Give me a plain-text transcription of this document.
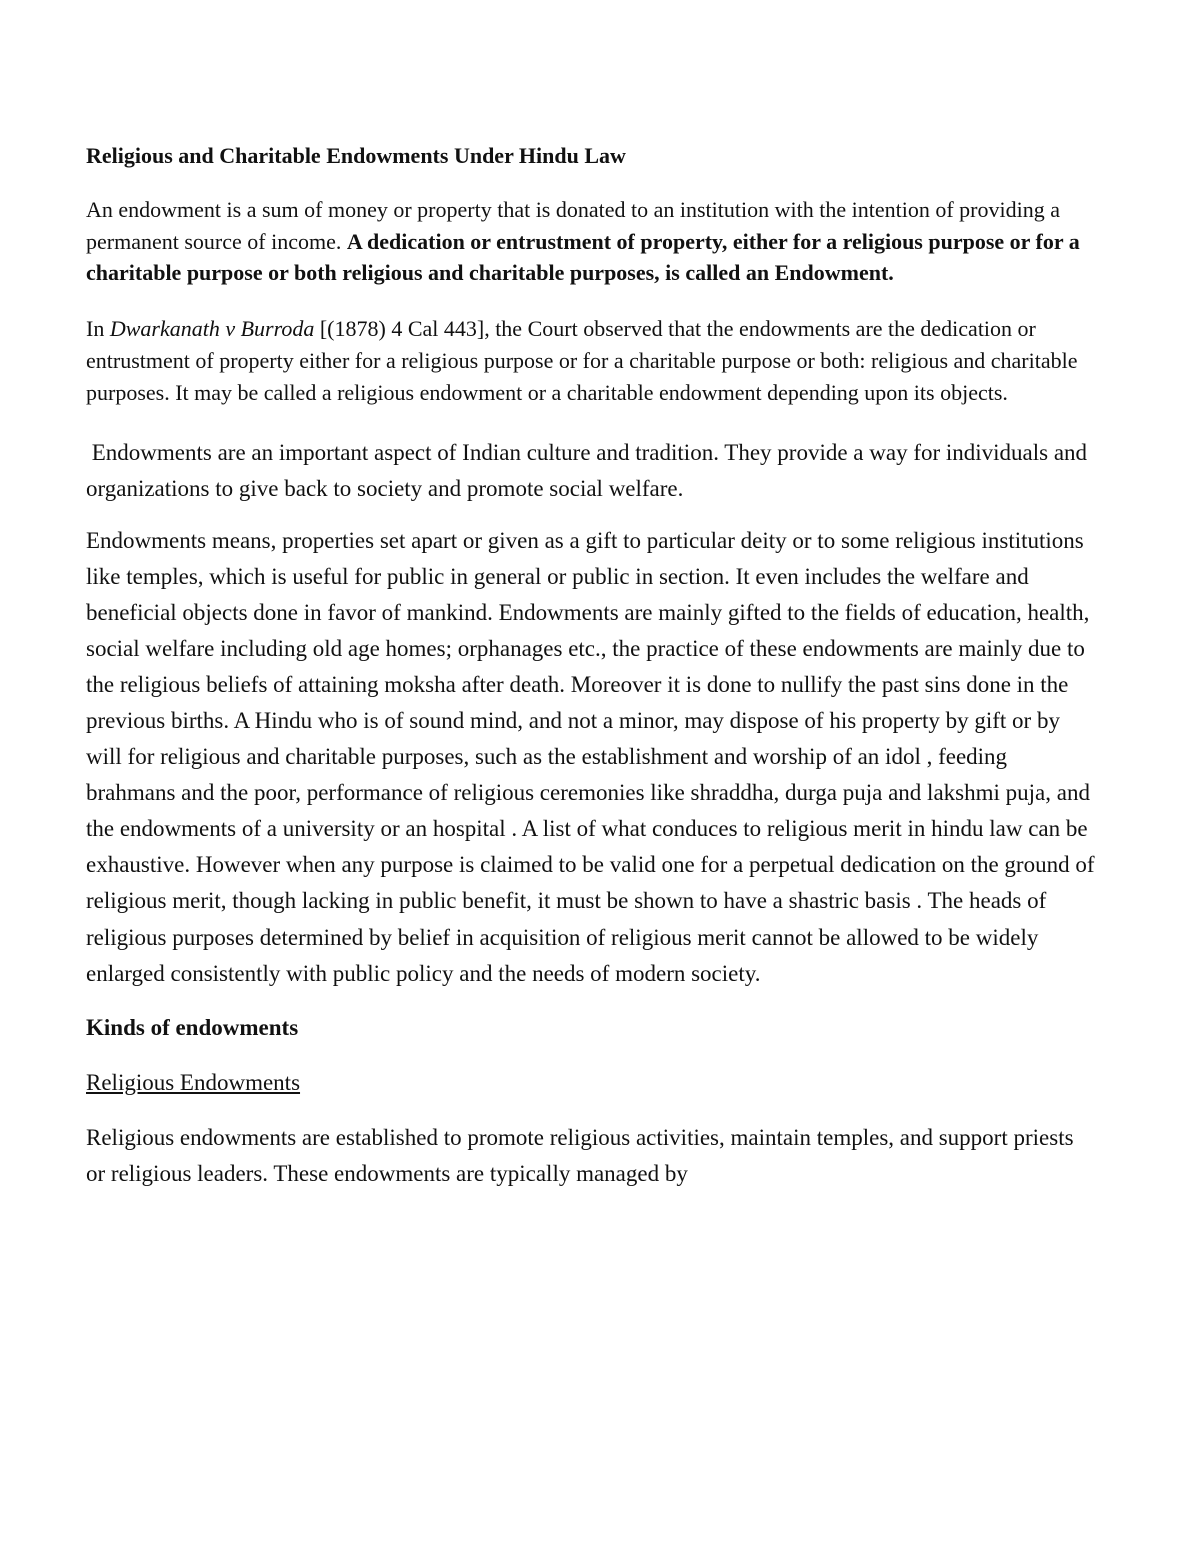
Religious and Charitable Endowments Under Hindu Law

An endowment is a sum of money or property that is donated to an institution with the intention of providing a permanent source of income. A dedication or entrustment of property, either for a religious purpose or for a charitable purpose or both religious and charitable purposes, is called an Endowment.

In Dwarkanath v Burroda [(1878) 4 Cal 443], the Court observed that the endowments are the dedication or entrustment of property either for a religious purpose or for a charitable purpose or both: religious and charitable purposes. It may be called a religious endowment or a charitable endowment depending upon its objects.

Endowments are an important aspect of Indian culture and tradition. They provide a way for individuals and organizations to give back to society and promote social welfare.

Endowments means, properties set apart or given as a gift to particular deity or to some religious institutions like temples, which is useful for public in general or public in section. It even includes the welfare and beneficial objects done in favor of mankind. Endowments are mainly gifted to the fields of education, health, social welfare including old age homes; orphanages etc., the practice of these endowments are mainly due to the religious beliefs of attaining moksha after death. Moreover it is done to nullify the past sins done in the previous births. A Hindu who is of sound mind, and not a minor, may dispose of his property by gift or by will for religious and charitable purposes, such as the establishment and worship of an idol , feeding brahmans and the poor, performance of religious ceremonies like shraddha, durga puja and lakshmi puja, and the endowments of a university or an hospital . A list of what conduces to religious merit in hindu law can be exhaustive. However when any purpose is claimed to be valid one for a perpetual dedication on the ground of religious merit, though lacking in public benefit, it must be shown to have a shastric basis . The heads of religious purposes determined by belief in acquisition of religious merit cannot be allowed to be widely enlarged consistently with public policy and the needs of modern society.

Kinds of endowments
Religious Endowments

Religious endowments are established to promote religious activities, maintain temples, and support priests or religious leaders. These endowments are typically managed by
